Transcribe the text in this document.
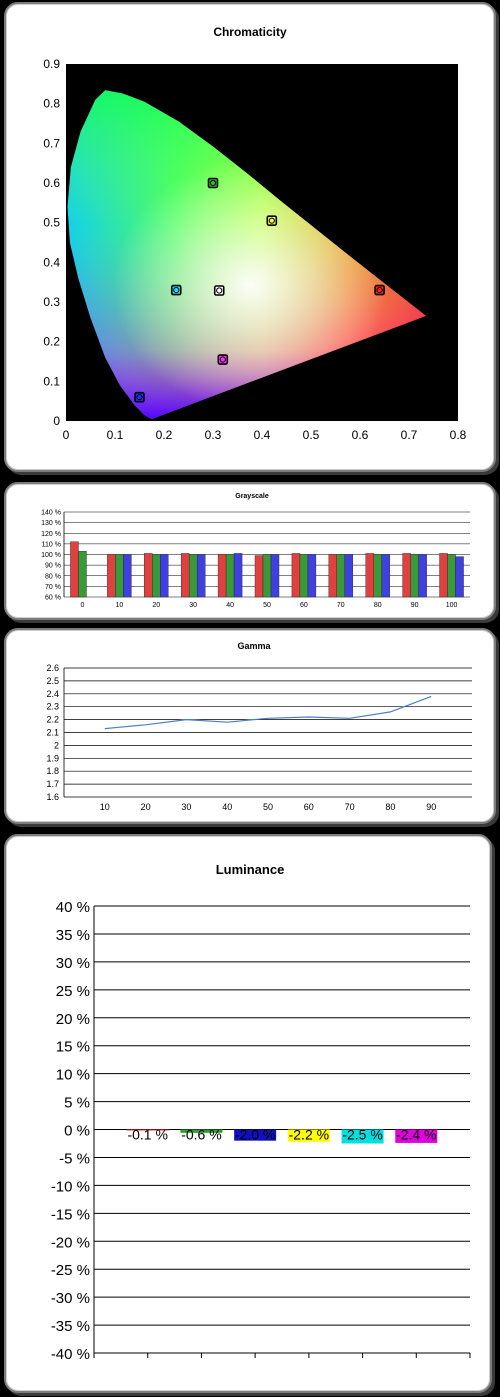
Chromaticity
0	0.1	0.2	0.3	0.4	0.5	0.6	0.7	0.8
0
0.1
0.2
0.3
0.4
0.5
0.6
0.7
0.8
0.9
Grayscale
60 %
70 %
80 %
90 %
100 %
110 %
120 %
130 %
140 %
0	10	20	30	40	50	60	70	80	90	100
Gamma
1.6
1.7
1.8
1.9
2
2.1
2.2
2.3
2.4
2.5
2.6
10	20	30	40	50	60	70	80	90
Luminance
40 %
35 %
30 %
25 %
20 %
15 %
10 %
5 %
0 %
-5 %
-10 %
-15 %
-20 %
-25 %
-30 %
-35 %
-40 %
-0.1 % -0.6 % -2.0 % -2.2 % -2.5 % -2.4 %
